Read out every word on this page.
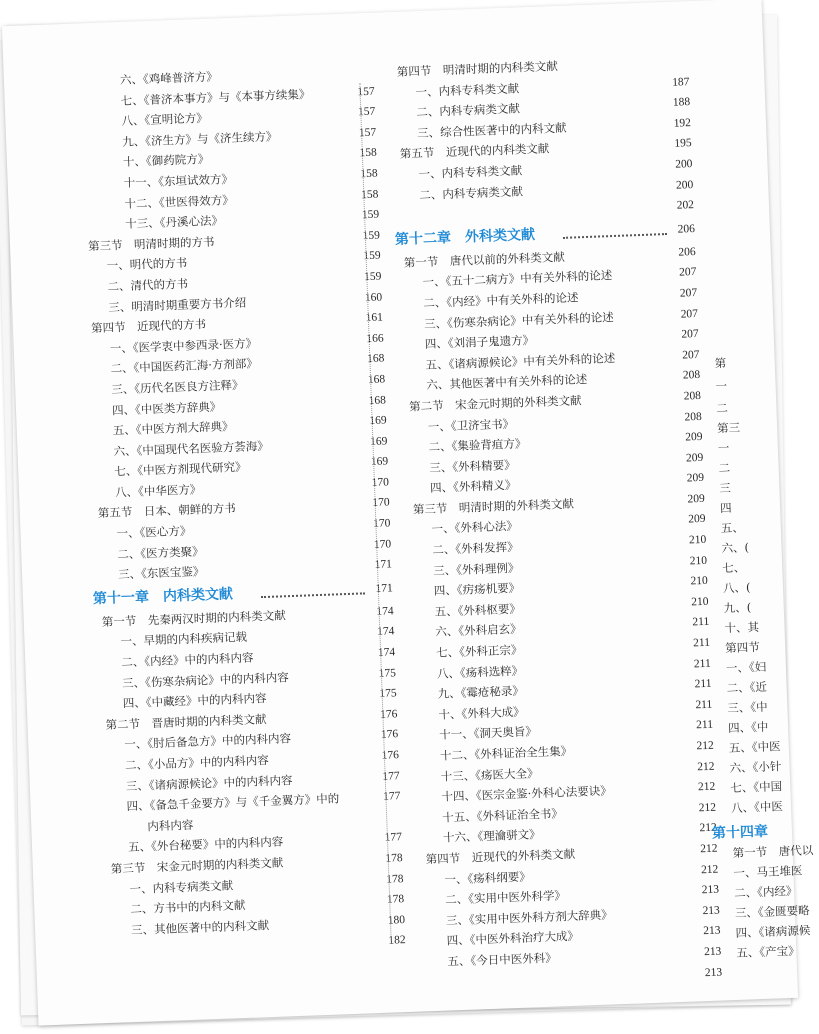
六、《鸡峰普济方》
七、《普济本事方》与《本事方续集》	157
八、《宣明论方》	157
九、《济生方》与《济生续方》	157
十、《御药院方》	158
十一、《东垣试效方》	158
十二、《世医得效方》	158
十三、《丹溪心法》	159
第三节　明清时期的方书	159
一、明代的方书	159
二、清代的方书	159
三、明清时期重要方书介绍	160
第四节　近现代的方书	161
一、《医学衷中参西录·医方》	166
二、《中国医药汇海·方剂部》	168
三、《历代名医良方注释》	168
四、《中医类方辞典》	168
五、《中医方剂大辞典》	169
六、《中国现代名医验方荟海》	169
七、《中医方剂现代研究》	169
八、《中华医方》	170
第五节　日本、朝鲜的方书	170
一、《医心方》	170
二、《医方类聚》	170
三、《东医宝鉴》	171
第十一章　内科类文献	171
第一节　先秦两汉时期的内科类文献	174
一、早期的内科疾病记载	174
二、《内经》中的内科内容	174
三、《伤寒杂病论》中的内科内容	175
四、《中藏经》中的内科内容	175
第二节　晋唐时期的内科类文献	176
一、《肘后备急方》中的内科内容	176
二、《小品方》中的内科内容	176
三、《诸病源候论》中的内科内容	177
四、《备急千金要方》与《千金翼方》中的	177
内科内容
五、《外台秘要》中的内科内容	177
第三节　宋金元时期的内科类文献	178
一、内科专病类文献	178
二、方书中的内科文献	178
三、其他医著中的内科文献	180
182
第四节　明清时期的内科类文献
一、内科专科类文献	187
二、内科专病类文献	188
三、综合性医著中的内科文献	192
第五节　近现代的内科类文献	195
一、内科专科类文献	200
二、内科专病类文献	200
202
第十二章　外科类文献	206
第一节　唐代以前的外科类文献	206
一、《五十二病方》中有关外科的论述	207
二、《内经》中有关外科的论述	207
三、《伤寒杂病论》中有关外科的论述	207
四、《刘涓子鬼遗方》	207
五、《诸病源候论》中有关外科的论述	207
六、其他医著中有关外科的论述	208
第二节　宋金元时期的外科类文献	208
一、《卫济宝书》	208
二、《集验背疽方》	209
三、《外科精要》	209
四、《外科精义》	209
第三节　明清时期的外科类文献	209
一、《外科心法》	209
二、《外科发挥》	210
三、《外科理例》	210
四、《疠疡机要》	210
五、《外科枢要》	210
六、《外科启玄》	211
七、《外科正宗》	211
八、《疡科选粹》	211
九、《霉疮秘录》	211
十、《外科大成》	211
十一、《洞天奥旨》	211
十二、《外科证治全生集》	212
十三、《疡医大全》	212
十四、《医宗金鉴·外科心法要诀》	212
十五、《外科证治全书》	212
十六、《理瀹骈文》	212
第四节　近现代的外科类文献	212
一、《疡科纲要》	212
二、《实用中医外科学》	213
三、《实用中医外科方剂大辞典》	213
四、《中医外科治疗大成》	213
五、《今日中医外科》	213
213
第
一
二
第三
一
二
三
四
五、
六、(
七、
八、(
九、(
十、其
第四节
一、《妇
二、《近
三、《中
四、《中
五、《中医
六、《小针
七、《中国
八、《中医
第十四章
第一节　唐代以
一、马王堆医
二、《内经》
三、《金匮要略
四、《诸病源候
五、《产宝》
